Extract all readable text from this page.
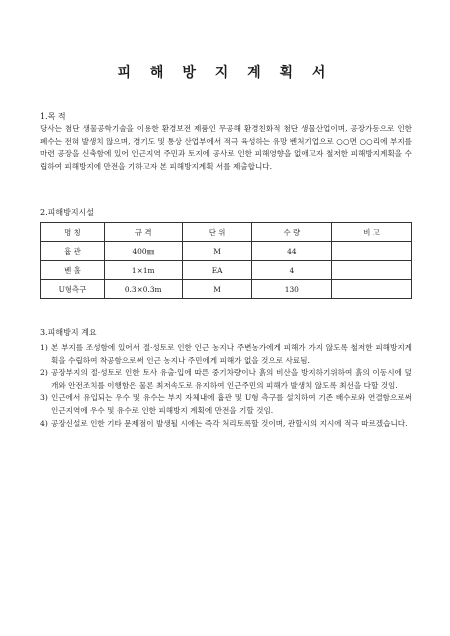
피 해 방 지 계 획 서
1.목 적

당사는 첨단 생물공학기술을 이용한 환경보전 제품인 무공해 환경친화적 첨단 생물산업이며, 공장가동으로 인한 폐수는 전혀 발생치 않으며, 경기도 및 통상 산업부에서 적극 육성하는 유망 벤처기업으로 ○○면 ○○리에 부지를 마련 공장을 신축함에 있어 인근지역 주민과 토지에 공사로 인한 피해영향을 없애고자 철저한 피해방지계획을 수립하여 피해방지에 만전을 기하고자 본 피해방지계획 서를 제출합니다.

2.피해방지시설
명 칭	규 격	단 위	수 량	비 고
흄 관	400㎜	M	44	
벤 홀	1×1m	EA	4	
U형측구	0.3×0.3m	M	130	
3.피해방지 계요
1) 본 부지를 조성함에 있어서 절·성토로 인한 인근 농지나 주변농가에게 피해가 가지 않도록 철저한 피해방지계획을 수립하여 착공함으로써 인근 농지나 주민에게 피해가 없을 것으로 사료됨.
2) 공장부지의 절·성토로 인한 토사 유출·입에 따른 중기차량이나 흙의 비산을 방지하기위하여 흙의 이동시에 덮개와 안전조치를 이행함은 물론 최저속도로 유지하여 인근주민의 피해가 발생치 않도록 최선을 다할 것임.
3) 인근에서 유입되는 우수 및 유수는 부지 자체내에 흄관 및 U형 측구를 설치하여 기존 배수로와 연결함으로써 인근지역에 우수 및 유수로 인한 피해방지 계획에 만전을 기할 것임.
4) 공장신설로 인한 기타 문제점이 발생될 시에는 즉각 처리토록할 것이며, 관할시의 지시에 적극 따르겠습니다.
